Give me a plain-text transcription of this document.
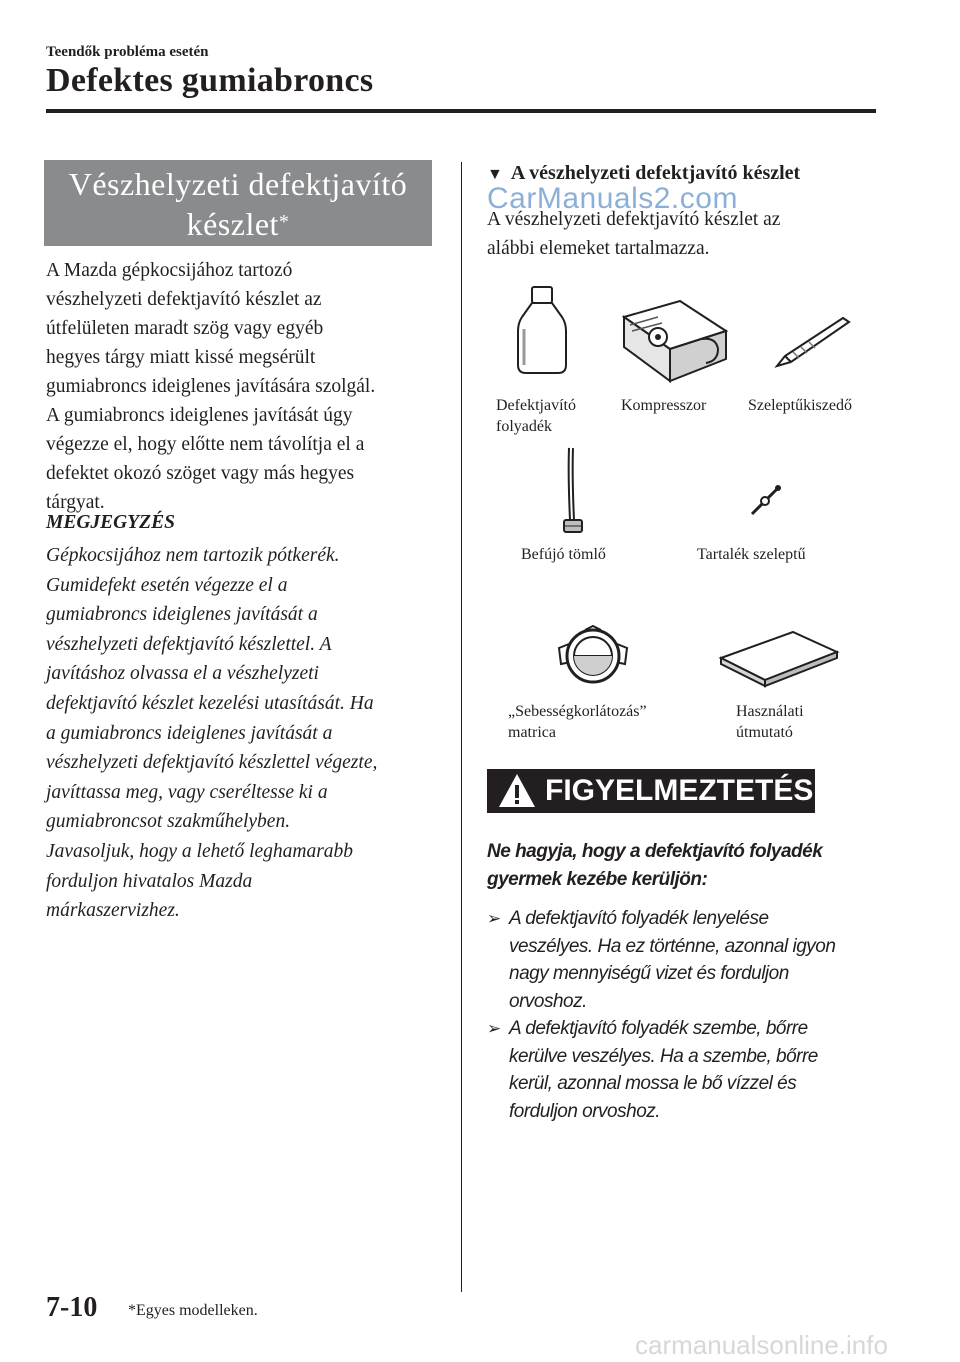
Teendők probléma esetén
Defektes gumiabroncs
Vészhelyzeti defektjavító
készlet*
A Mazda gépkocsijához tartozó
vészhelyzeti defektjavító készlet az
útfelületen maradt szög vagy egyéb
hegyes tárgy miatt kissé megsérült
gumiabroncs ideiglenes javítására szolgál.
A gumiabroncs ideiglenes javítását úgy
végezze el, hogy előtte nem távolítja el a
defektet okozó szöget vagy más hegyes
tárgyat.
MEGJEGYZÉS
Gépkocsijához nem tartozik pótkerék.
Gumidefekt esetén végezze el a
gumiabroncs ideiglenes javítását a
vészhelyzeti defektjavító készlettel. A
javításhoz olvassa el a vészhelyzeti
defektjavító készlet kezelési utasítását. Ha
a gumiabroncs ideiglenes javítását a
vészhelyzeti defektjavító készlettel végezte,
javíttassa meg, vagy cseréltesse ki a
gumiabroncsot szakműhelyben.
Javasoljuk, hogy a lehető leghamarabb
forduljon hivatalos Mazda
márkaszervizhez.
▼ A vészhelyzeti defektjavító készlet
A vészhelyzeti defektjavító készlet az
alábbi elemeket tartalmazza.
CarManuals2.com
Defektjavító
folyadék
Kompresszor	Szeleptűkiszedő
Befújó tömlő	Tartalék szeleptű
„Sebességkorlátozás”
matrica
Használati
útmutató
FIGYELMEZTETÉS
Ne hagyja, hogy a defektjavító folyadék
gyermek kezébe kerüljön:
➢ A defektjavító folyadék lenyelése
veszélyes. Ha ez történne, azonnal igyon
nagy mennyiségű vizet és forduljon
orvoshoz.
➢ A defektjavító folyadék szembe, bőrre
kerülve veszélyes. Ha a szembe, bőrre
kerül, azonnal mossa le bő vízzel és
forduljon orvoshoz.
7-10 *Egyes modelleken.
carmanualsonline.info
